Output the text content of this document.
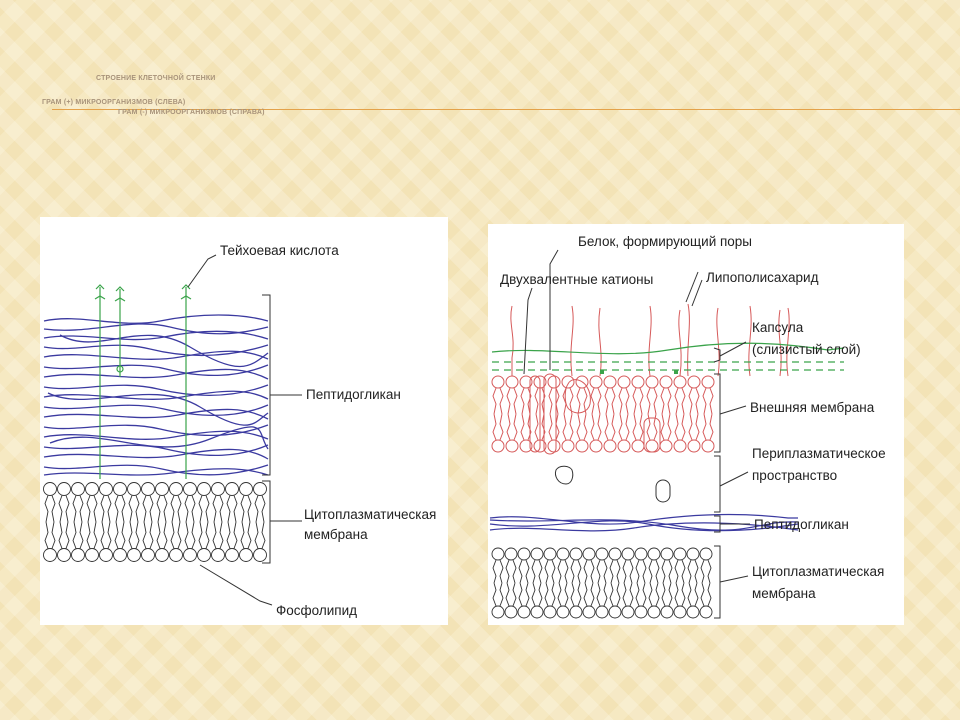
СТРОЕНИЕ КЛЕТОЧНОЙ СТЕНКИ

ГРАМ (+) МИКРООРГАНИЗМОВ (СЛЕВА)

ГРАМ (-) МИКРООРГАНИЗМОВ (СПРАВА)

Тейхоевая кислота
Пептидогликан
Цитоплазматическая
мембрана
Фосфолипид
Белок, формирующий поры
Двухвалентные катионы	Липополисахарид
Капсула
(слизистый слой)
Внешняя мембрана
Периплазматическое
пространство
Пептидогликан
Цитоплазматическая
мембрана
